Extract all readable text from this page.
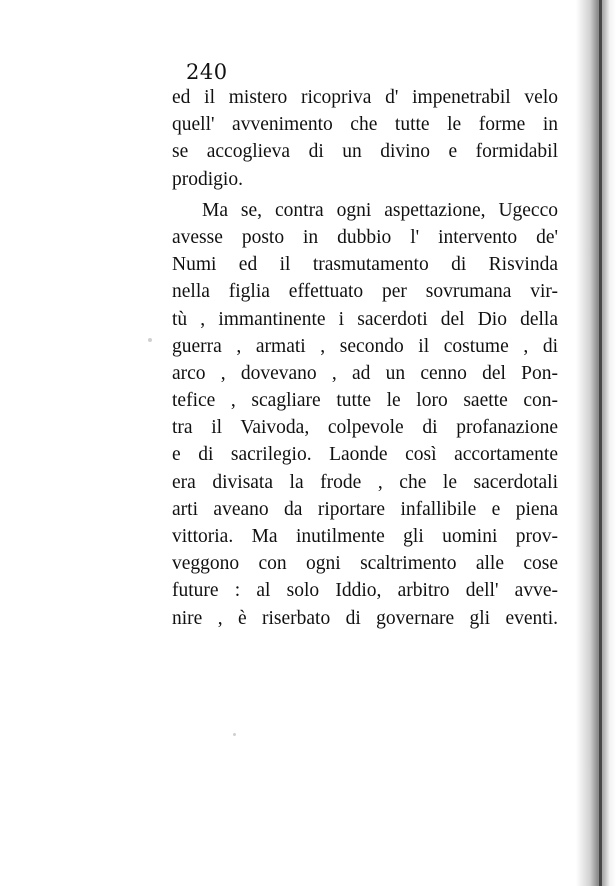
240
ed il mistero ricopriva d' impenetrabil velo
quell' avvenimento che tutte le forme in
se accoglieva di un divino e formidabil
prodigio.
Ma se, contra ogni aspettazione, Ugecco
avesse posto in dubbio l' intervento de'
Numi ed il trasmutamento di Risvinda
nella figlia effettuato per sovrumana vir-
tù , immantinente i sacerdoti del Dio della
guerra , armati , secondo il costume , di
arco , dovevano , ad un cenno del Pon-
tefice , scagliare tutte le loro saette con-
tra il Vaivoda, colpevole di profanazione
e di sacrilegio. Laonde così accortamente
era divisata la frode , che le sacerdotali
arti aveano da riportare infallibile e piena
vittoria. Ma inutilmente gli uomini prov-
veggono con ogni scaltrimento alle cose
future : al solo Iddio, arbitro dell' avve-
nire , è riserbato di governare gli eventi.
